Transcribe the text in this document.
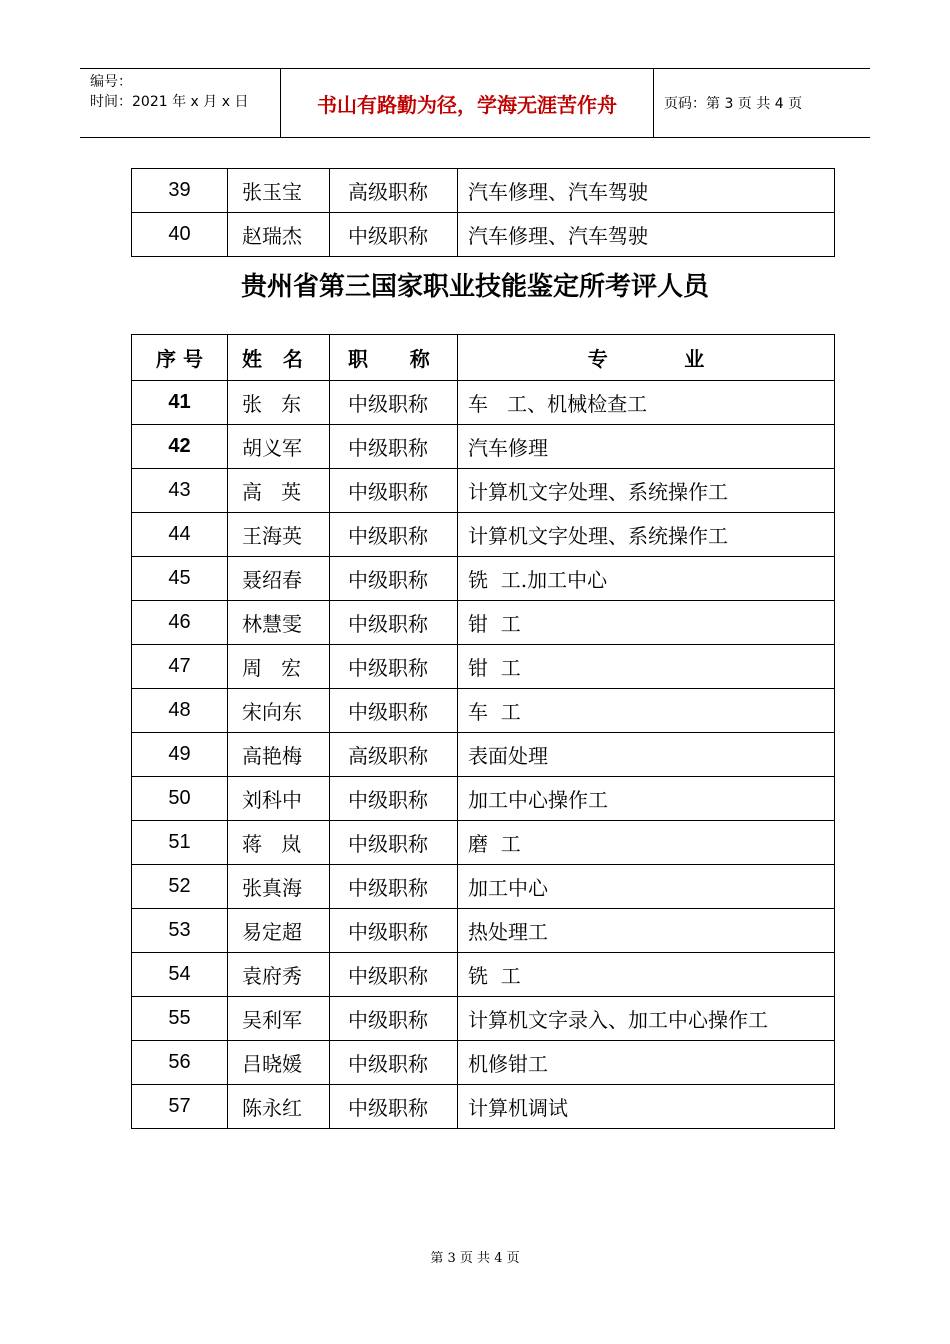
编号：
时间：2021 年 x 月 x 日	书山有路勤为径，学海无涯苦作舟	页码：第 3 页 共 4 页
39	张玉宝	高级职称	汽车修理、汽车驾驶
40	赵瑞杰	中级职称	汽车修理、汽车驾驶
贵州省第三国家职业技能鉴定所考评人员
序 号	姓   名	职      称	专           业
41	张   东	中级职称	车   工、机械检查工
42	胡义军	中级职称	汽车修理
43	高   英	中级职称	计算机文字处理、系统操作工
44	王海英	中级职称	计算机文字处理、系统操作工
45	聂绍春	中级职称	铣  工.加工中心
46	林慧雯	中级职称	钳  工
47	周   宏	中级职称	钳  工
48	宋向东	中级职称	车  工
49	高艳梅	高级职称	表面处理
50	刘科中	中级职称	加工中心操作工
51	蒋   岚	中级职称	磨  工
52	张真海	中级职称	加工中心
53	易定超	中级职称	热处理工
54	袁府秀	中级职称	铣  工
55	吴利军	中级职称	计算机文字录入、加工中心操作工
56	吕晓媛	中级职称	机修钳工
57	陈永红	中级职称	计算机调试
第 3 页 共 4 页
